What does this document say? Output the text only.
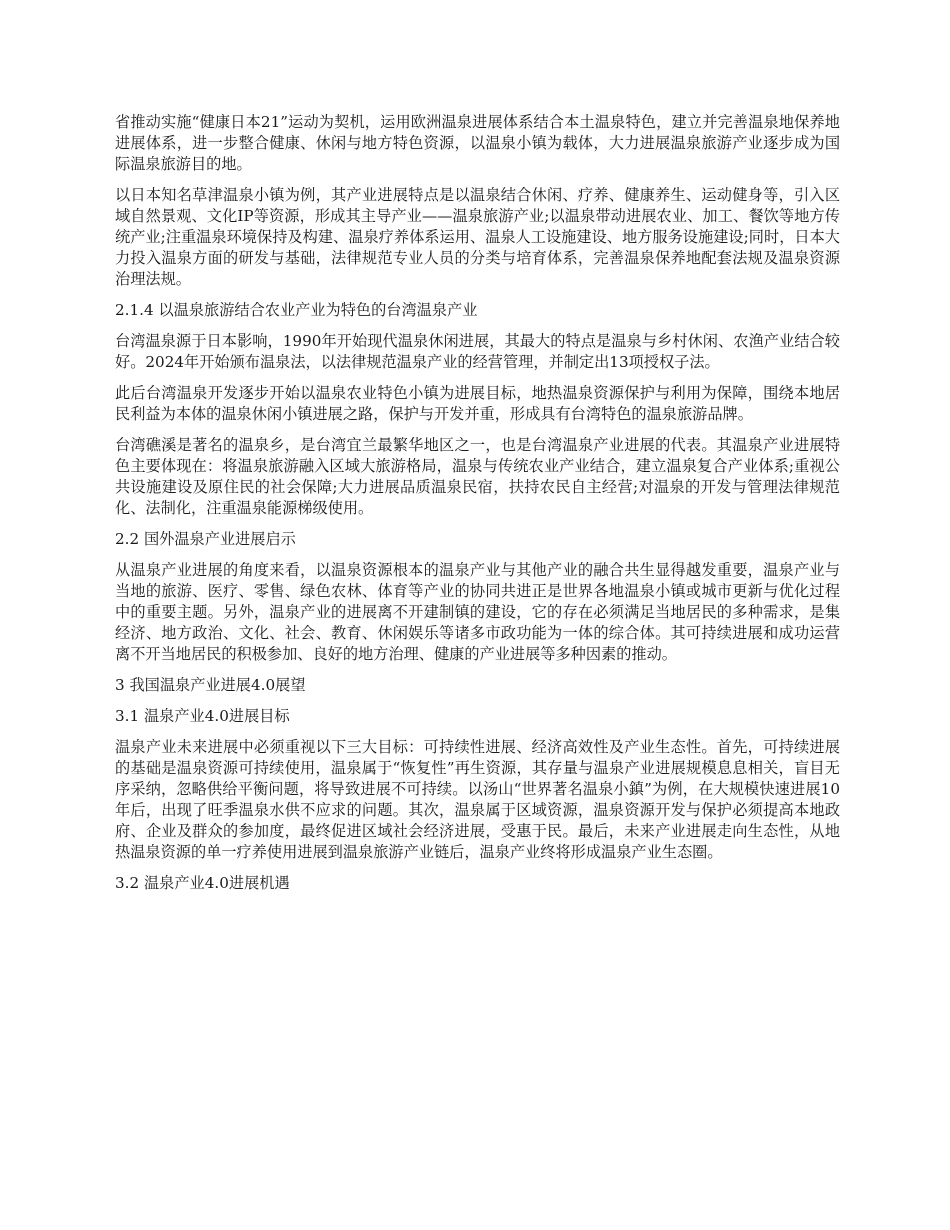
省推动实施“健康日本21”运动为契机，运用欧洲温泉进展体系结合本土温泉特色，建立并完善温泉地保养地进展体系，进一步整合健康、休闲与地方特色资源，以温泉小镇为载体，大力进展温泉旅游产业逐步成为国际温泉旅游目的地。

以日本知名草津温泉小镇为例，其产业进展特点是以温泉结合休闲、疗养、健康养生、运动健身等，引入区域自然景观、文化IP等资源，形成其主导产业——温泉旅游产业;以温泉带动进展农业、加工、餐饮等地方传统产业;注重温泉环境保持及构建、温泉疗养体系运用、温泉人工设施建设、地方服务设施建设;同时，日本大力投入温泉方面的研发与基础，法律规范专业人员的分类与培育体系，完善温泉保养地配套法规及温泉资源治理法规。

2.1.4 以温泉旅游结合农业产业为特色的台湾温泉产业

台湾温泉源于日本影响，1990年开始现代温泉休闲进展，其最大的特点是温泉与乡村休闲、农渔产业结合较好。2024年开始颁布温泉法，以法律规范温泉产业的经营管理，并制定出13项授权子法。

此后台湾温泉开发逐步开始以温泉农业特色小镇为进展目标，地热温泉资源保护与利用为保障，围绕本地居民利益为本体的温泉休闲小镇进展之路，保护与开发并重，形成具有台湾特色的温泉旅游品牌。

台湾礁溪是著名的温泉乡，是台湾宜兰最繁华地区之一，也是台湾温泉产业进展的代表。其温泉产业进展特色主要体现在：将温泉旅游融入区域大旅游格局，温泉与传统农业产业结合，建立温泉复合产业体系;重视公共设施建设及原住民的社会保障;大力进展品质温泉民宿，扶持农民自主经营;对温泉的开发与管理法律规范化、法制化，注重温泉能源梯级使用。

2.2 国外温泉产业进展启示

从温泉产业进展的角度来看，以温泉资源根本的温泉产业与其他产业的融合共生显得越发重要，温泉产业与当地的旅游、医疗、零售、绿色农林、体育等产业的协同共进正是世界各地温泉小镇或城市更新与优化过程中的重要主题。另外，温泉产业的进展离不开建制镇的建设，它的存在必须满足当地居民的多种需求，是集经济、地方政治、文化、社会、教育、休闲娱乐等诸多市政功能为一体的综合体。其可持续进展和成功运营离不开当地居民的积极参加、良好的地方治理、健康的产业进展等多种因素的推动。

3 我国温泉产业进展4.0展望

3.1 温泉产业4.0进展目标

温泉产业未来进展中必须重视以下三大目标：可持续性进展、经济高效性及产业生态性。首先，可持续进展的基础是温泉资源可持续使用，温泉属于“恢复性”再生资源，其存量与温泉产业进展规模息息相关，盲目无序采纳，忽略供给平衡问题，将导致进展不可持续。以汤山“世界著名温泉小鎮”为例，在大规模快速进展10年后，出现了旺季温泉水供不应求的问题。其次，温泉属于区域资源，温泉资源开发与保护必须提高本地政府、企业及群众的参加度，最终促进区域社会经济进展，受惠于民。最后，未来产业进展走向生态性，从地热温泉资源的单一疗养使用进展到温泉旅游产业链后，温泉产业终将形成温泉产业生态圈。

3.2 温泉产业4.0进展机遇
